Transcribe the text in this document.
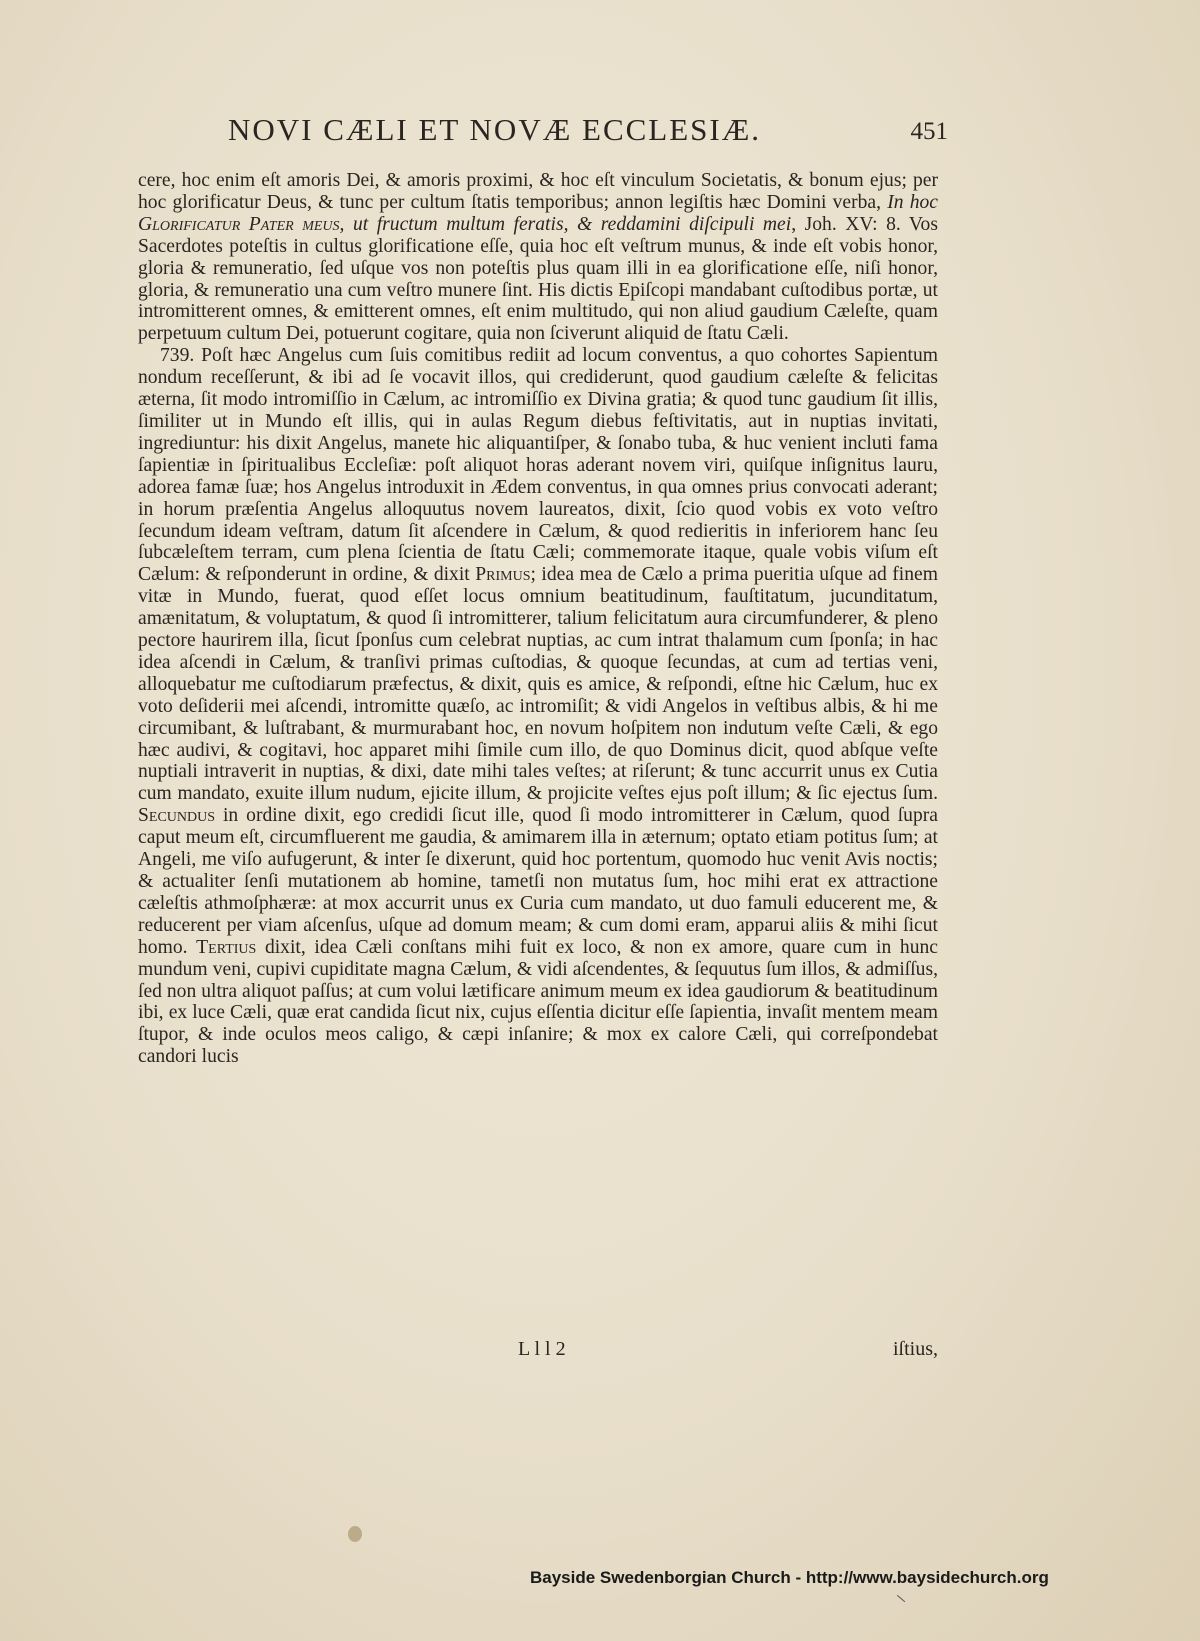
NOVI CÆLI ET NOVÆ ECCLESIÆ.	451

cere, hoc enim eſt amoris Dei, & amoris proximi, & hoc eſt vinculum Societatis, & bonum ejus; per hoc glorificatur Deus, & tunc per cultum ſtatis temporibus; annon legiſtis hæc Domini verba, In hoc Glorificatur Pater meus, ut fructum multum feratis, & reddamini diſcipuli mei, Joh. XV: 8. Vos Sacerdotes poteſtis in cultus glorificatione eſſe, quia hoc eſt veſtrum munus, & inde eſt vobis honor, gloria & remuneratio, ſed uſque vos non poteſtis plus quam illi in ea glorificatione eſſe, niſi honor, gloria, & remuneratio una cum veſtro munere ſint. His dictis Epiſcopi mandabant cuſtodibus portæ, ut intromitterent omnes, & emitterent omnes, eſt enim multitudo, qui non aliud gaudium Cæleſte, quam perpetuum cultum Dei, potuerunt cogitare, quia non ſciverunt aliquid de ſtatu Cæli.

739. Poſt hæc Angelus cum ſuis comitibus rediit ad locum conventus, a quo cohortes Sapientum nondum receſſerunt, & ibi ad ſe vocavit illos, qui crediderunt, quod gaudium cæleſte & felicitas æterna, ſit modo intromiſſio in Cælum, ac intromiſſio ex Divina gratia; & quod tunc gaudium ſit illis, ſimiliter ut in Mundo eſt illis, qui in aulas Regum diebus feſtivitatis, aut in nuptias invitati, ingrediuntur: his dixit Angelus, manete hic aliquantiſper, & ſonabo tuba, & huc venient incluti fama ſapientiæ in ſpiritualibus Eccleſiæ: poſt aliquot horas aderant novem viri, quiſque inſignitus lauru, adorea famæ ſuæ; hos Angelus introduxit in Ædem conventus, in qua omnes prius convocati aderant; in horum præſentia Angelus alloquutus novem laureatos, dixit, ſcio quod vobis ex voto veſtro ſecundum ideam veſtram, datum ſit aſcendere in Cælum, & quod redieritis in inferiorem hanc ſeu ſubcæleſtem terram, cum plena ſcientia de ſtatu Cæli; commemorate itaque, quale vobis viſum eſt Cælum: & reſponderunt in ordine, & dixit Primus; idea mea de Cælo a prima pueritia uſque ad finem vitæ in Mundo, fuerat, quod eſſet locus omnium beatitudinum, fauſtitatum, jucunditatum, amænitatum, & voluptatum, & quod ſi intromitterer, talium felicitatum aura circumfunderer, & pleno pectore haurirem illa, ſicut ſponſus cum celebrat nuptias, ac cum intrat thalamum cum ſponſa; in hac idea aſcendi in Cælum, & tranſivi primas cuſtodias, & quoque ſecundas, at cum ad tertias veni, alloquebatur me cuſtodiarum præfectus, & dixit, quis es amice, & reſpondi, eſtne hic Cælum, huc ex voto deſiderii mei aſcendi, intromitte quæſo, ac intromiſit; & vidi Angelos in veſtibus albis, & hi me circumibant, & luſtrabant, & murmurabant hoc, en novum hoſpitem non indutum veſte Cæli, & ego hæc audivi, & cogitavi, hoc apparet mihi ſimile cum illo, de quo Dominus dicit, quod abſque veſte nuptiali intraverit in nuptias, & dixi, date mihi tales veſtes; at riſerunt; & tunc accurrit unus ex Cutia cum mandato, exuite illum nudum, ejicite illum, & projicite veſtes ejus poſt illum; & ſic ejectus ſum. Secundus in ordine dixit, ego credidi ſicut ille, quod ſi modo intromitterer in Cælum, quod ſupra caput meum eſt, circumfluerent me gaudia, & amimarem illa in æternum; optato etiam potitus ſum; at Angeli, me viſo aufugerunt, & inter ſe dixerunt, quid hoc portentum, quomodo huc venit Avis noctis; & actualiter ſenſi mutationem ab homine, tametſi non mutatus ſum, hoc mihi erat ex attractione cæleſtis athmoſphæræ: at mox accurrit unus ex Curia cum mandato, ut duo famuli educerent me, & reducerent per viam aſcenſus, uſque ad domum meam; & cum domi eram, apparui aliis & mihi ſicut homo. Tertius dixit, idea Cæli conſtans mihi fuit ex loco, & non ex amore, quare cum in hunc mundum veni, cupivi cupiditate magna Cælum, & vidi aſcendentes, & ſequutus ſum illos, & admiſſus, ſed non ultra aliquot paſſus; at cum volui lætificare animum meum ex idea gaudiorum & beatitudinum ibi, ex luce Cæli, quæ erat candida ſicut nix, cujus eſſentia dicitur eſſe ſapientia, invaſit mentem meam ſtupor, & inde oculos meos caligo, & cæpi inſanire; & mox ex calore Cæli, qui correſpondebat candori lucis

L l l 2	iſtius,
Bayside Swedenborgian Church - http://www.baysidechurch.org
